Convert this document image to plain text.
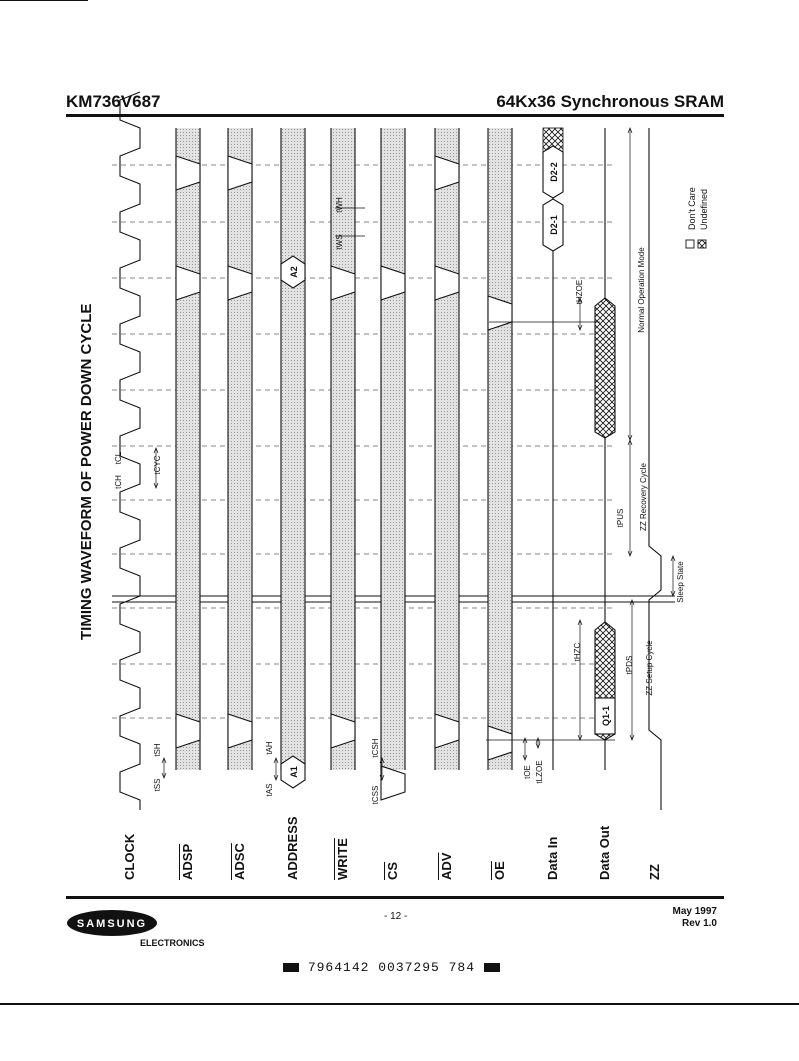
KM736V687	64Kx36 Synchronous SRAM
TIMING WAVEFORM OF POWER DOWN CYCLE
CLOCK	ADSP	ADSC	ADDRESS	WRITE	$\overline{CS}$	$\overline{ADV}$	$\overline{OE}$	Data In	Data Out	ZZ
A1
A2
D2-1
D2-2
Q1-1
tSS
tSH
tAS
tAH
tCSS
tCSH
tOE tLZOE
tHZC
tPDS
tPUS
tHZOE
tWS
tWH
tCH
tCL	tCYC
ZZ Setup Cycle
Sleep State
ZZ Recovery Cycle
Normal Operation Mode
Don't Care Undefined
SAMSUNG
ELECTRONICS
- 12 -	May 1997
Rev 1.0
7964142 0037295 784
